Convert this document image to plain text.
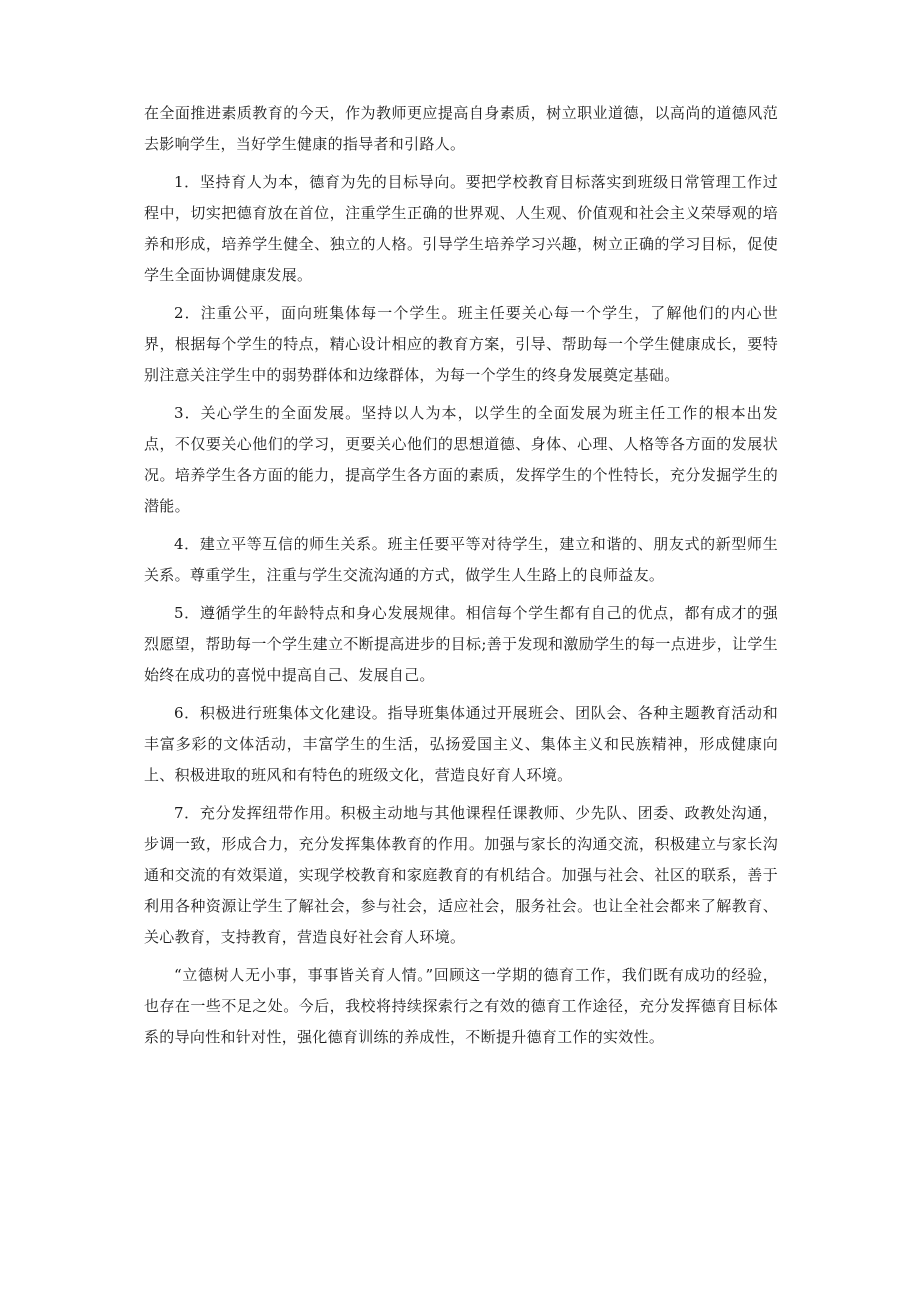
在全面推进素质教育的今天，作为教师更应提高自身素质，树立职业道德，以高尚的道德风范去影响学生，当好学生健康的指导者和引路人。

1．坚持育人为本，德育为先的目标导向。要把学校教育目标落实到班级日常管理工作过程中，切实把德育放在首位，注重学生正确的世界观、人生观、价值观和社会主义荣辱观的培养和形成，培养学生健全、独立的人格。引导学生培养学习兴趣，树立正确的学习目标，促使学生全面协调健康发展。

2．注重公平，面向班集体每一个学生。班主任要关心每一个学生，了解他们的内心世界，根据每个学生的特点，精心设计相应的教育方案，引导、帮助每一个学生健康成长，要特别注意关注学生中的弱势群体和边缘群体，为每一个学生的终身发展奠定基础。

3．关心学生的全面发展。坚持以人为本，以学生的全面发展为班主任工作的根本出发点，不仅要关心他们的学习，更要关心他们的思想道德、身体、心理、人格等各方面的发展状况。培养学生各方面的能力，提高学生各方面的素质，发挥学生的个性特长，充分发掘学生的潜能。

4．建立平等互信的师生关系。班主任要平等对待学生，建立和谐的、朋友式的新型师生关系。尊重学生，注重与学生交流沟通的方式，做学生人生路上的良师益友。

5．遵循学生的年龄特点和身心发展规律。相信每个学生都有自己的优点，都有成才的强烈愿望，帮助每一个学生建立不断提高进步的目标;善于发现和激励学生的每一点进步，让学生始终在成功的喜悦中提高自己、发展自己。

6．积极进行班集体文化建设。指导班集体通过开展班会、团队会、各种主题教育活动和丰富多彩的文体活动，丰富学生的生活，弘扬爱国主义、集体主义和民族精神，形成健康向上、积极进取的班风和有特色的班级文化，营造良好育人环境。

7．充分发挥纽带作用。积极主动地与其他课程任课教师、少先队、团委、政教处沟通，步调一致，形成合力，充分发挥集体教育的作用。加强与家长的沟通交流，积极建立与家长沟通和交流的有效渠道，实现学校教育和家庭教育的有机结合。加强与社会、社区的联系，善于利用各种资源让学生了解社会，参与社会，适应社会，服务社会。也让全社会都来了解教育、关心教育，支持教育，营造良好社会育人环境。

“立德树人无小事，事事皆关育人情。”回顾这一学期的德育工作，我们既有成功的经验，也存在一些不足之处。今后，我校将持续探索行之有效的德育工作途径，充分发挥德育目标体系的导向性和针对性，强化德育训练的养成性，不断提升德育工作的实效性。
